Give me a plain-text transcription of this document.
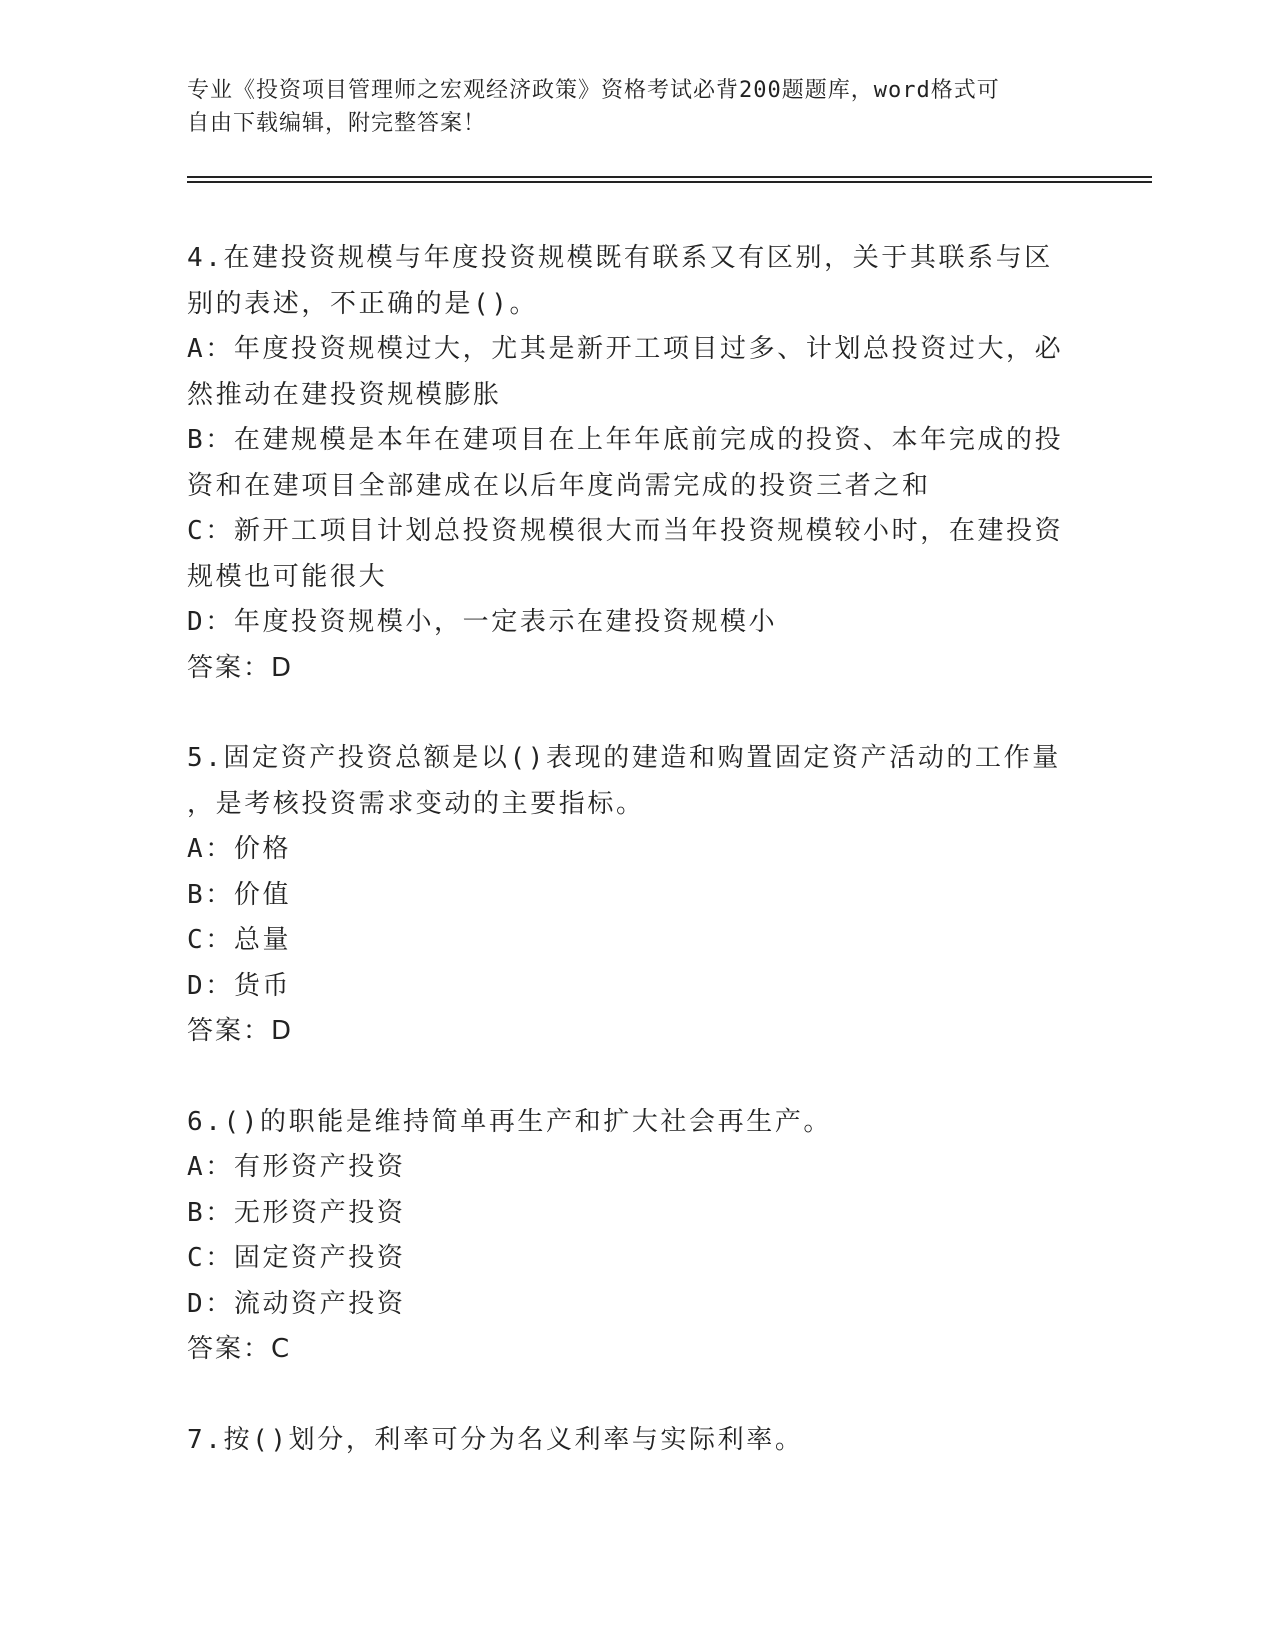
专业《投资项目管理师之宏观经济政策》资格考试必背200题题库，word格式可
自由下载编辑，附完整答案！
4.在建投资规模与年度投资规模既有联系又有区别，关于其联系与区
别的表述，不正确的是()。
A：年度投资规模过大，尤其是新开工项目过多、计划总投资过大，必
然推动在建投资规模膨胀
B：在建规模是本年在建项目在上年年底前完成的投资、本年完成的投
资和在建项目全部建成在以后年度尚需完成的投资三者之和
C：新开工项目计划总投资规模很大而当年投资规模较小时，在建投资
规模也可能很大
D：年度投资规模小，一定表示在建投资规模小
答案：D
5.固定资产投资总额是以()表现的建造和购置固定资产活动的工作量
，是考核投资需求变动的主要指标。
A：价格
B：价值
C：总量
D：货币
答案：D
6.()的职能是维持简单再生产和扩大社会再生产。
A：有形资产投资
B：无形资产投资
C：固定资产投资
D：流动资产投资
答案：C
7.按()划分，利率可分为名义利率与实际利率。
